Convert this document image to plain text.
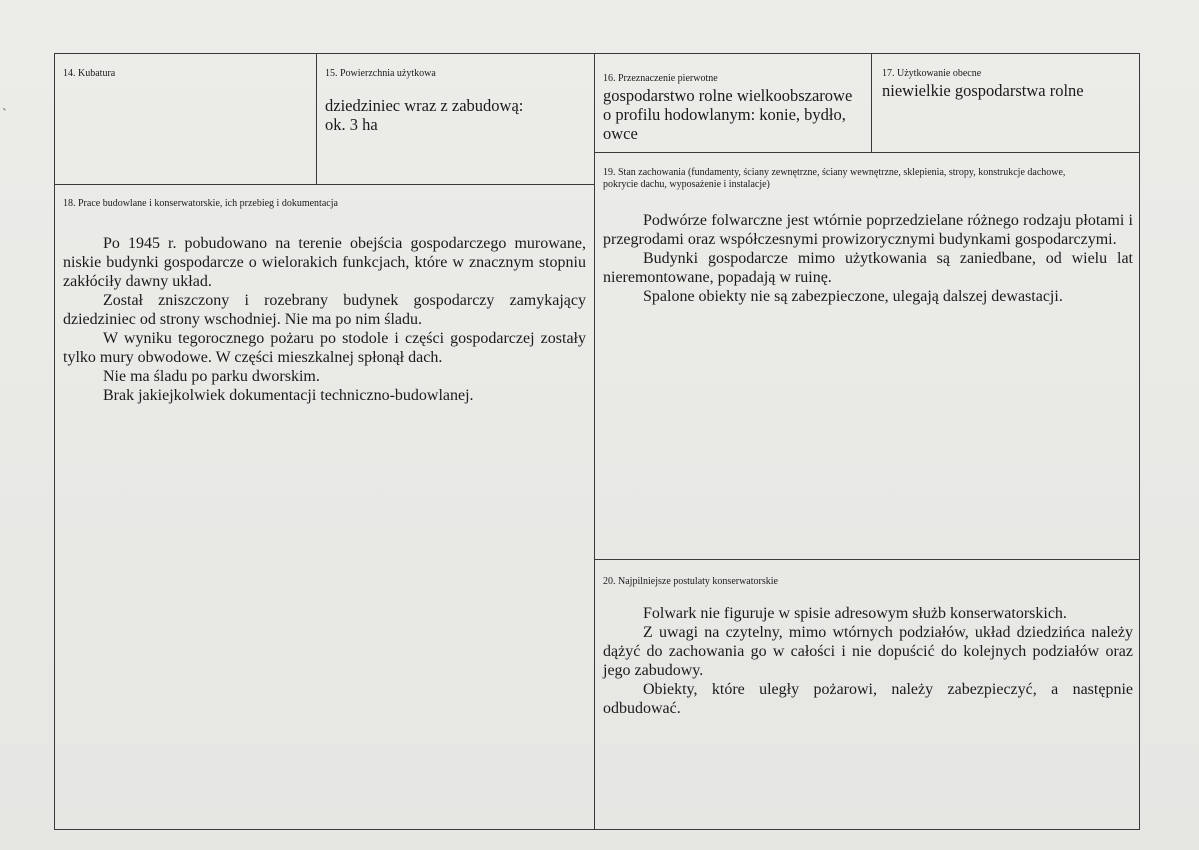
`
14. Kubatura	15. Powierzchnia użytkowa
dziedziniec wraz z zabudową:
ok. 3 ha
16. Przeznaczenie pierwotne
gospodarstwo rolne wielkoobszarowe
o profilu hodowlanym: konie, bydło,
owce
17. Użytkowanie obecne
niewielkie gospodarstwa rolne
18. Prace budowlane i konserwatorskie, ich przebieg i dokumentacja

Po 1945 r. pobudowano na terenie obejścia gospodarczego murowane, niskie budynki gospodarcze o wielorakich funkcjach, które w znacznym stopniu zakłóciły dawny układ.

Został zniszczony i rozebrany budynek gospodarczy zamykający dziedziniec od strony wschodniej. Nie ma po nim śladu.

W wyniku tegorocznego pożaru po stodole i części gospodarczej zostały tylko mury obwodowe. W części mieszkalnej spłonął dach.

Nie ma śladu po parku dworskim.

Brak jakiejkolwiek dokumentacji techniczno-budowlanej.

19. Stan zachowania (fundamenty, ściany zewnętrzne, ściany wewnętrzne, sklepienia, stropy, konstrukcje dachowe,
pokrycie dachu, wyposażenie i instalacje)

Podwórze folwarczne jest wtórnie poprzedzielane różnego rodzaju płotami i przegrodami oraz współczesnymi prowizorycznymi budynkami gospodarczymi.

Budynki gospodarcze mimo użytkowania są zaniedbane, od wielu lat nieremontowane, popadają w ruinę.

Spalone obiekty nie są zabezpieczone, ulegają dalszej dewastacji.

20. Najpilniejsze postulaty konserwatorskie

Folwark nie figuruje w spisie adresowym służb konserwatorskich.

Z uwagi na czytelny, mimo wtórnych podziałów, układ dziedzińca należy dążyć do zachowania go w całości i nie dopuścić do kolejnych podziałów oraz jego zabudowy.

Obiekty, które uległy pożarowi, należy zabezpieczyć, a następnie odbudować.
